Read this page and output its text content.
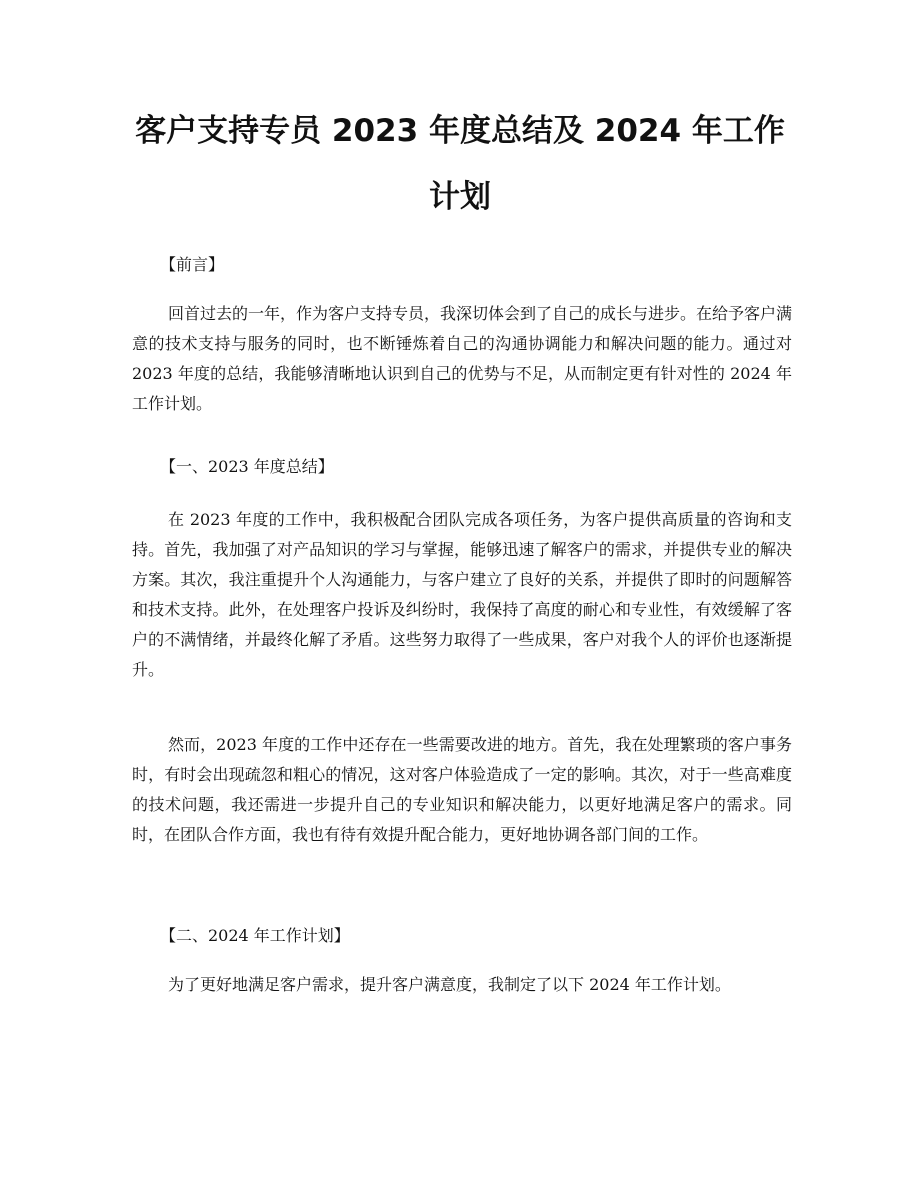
客户支持专员 2023 年度总结及 2024 年工作计划
【前言】
回首过去的一年，作为客户支持专员，我深切体会到了自己的成长与进步。在给予客户满意的技术支持与服务的同时，也不断锤炼着自己的沟通协调能力和解决问题的能力。通过对 2023 年度的总结，我能够清晰地认识到自己的优势与不足，从而制定更有针对性的 2024 年工作计划。
【一、2023 年度总结】
在 2023 年度的工作中，我积极配合团队完成各项任务，为客户提供高质量的咨询和支持。首先，我加强了对产品知识的学习与掌握，能够迅速了解客户的需求，并提供专业的解决方案。其次，我注重提升个人沟通能力，与客户建立了良好的关系，并提供了即时的问题解答和技术支持。此外，在处理客户投诉及纠纷时，我保持了高度的耐心和专业性，有效缓解了客户的不满情绪，并最终化解了矛盾。这些努力取得了一些成果，客户对我个人的评价也逐渐提升。
然而，2023 年度的工作中还存在一些需要改进的地方。首先，我在处理繁琐的客户事务时，有时会出现疏忽和粗心的情况，这对客户体验造成了一定的影响。其次，对于一些高难度的技术问题，我还需进一步提升自己的专业知识和解决能力，以更好地满足客户的需求。同时，在团队合作方面，我也有待有效提升配合能力，更好地协调各部门间的工作。
【二、2024 年工作计划】
为了更好地满足客户需求，提升客户满意度，我制定了以下 2024 年工作计划。
